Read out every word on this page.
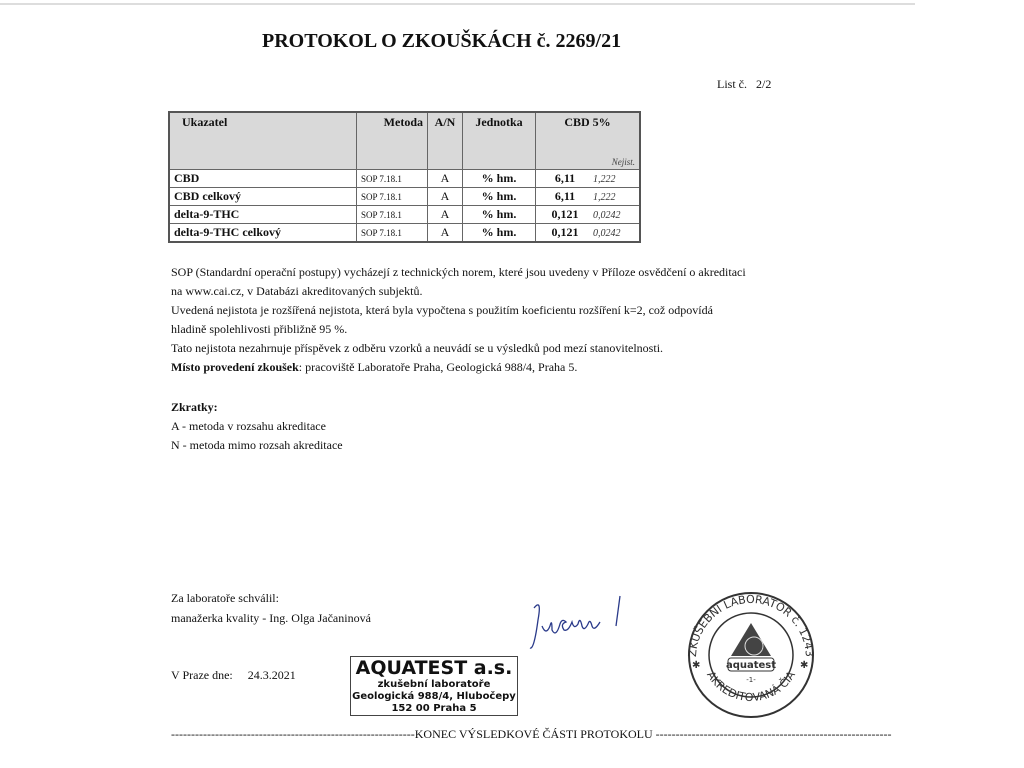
PROTOKOL O ZKOUŠKÁCH č. 2269/21
List č. 2/2
Ukazatel	Metoda	A/N	Jednotka	CBD 5%
Nejist.

CBD	SOP 7.18.1	A	% hm.	6,11 1,222
CBD celkový	SOP 7.18.1	A	% hm.	6,11 1,222
delta-9-THC	SOP 7.18.1	A	% hm.	0,121 0,0242
delta-9-THC celkový	SOP 7.18.1	A	% hm.	0,121 0,0242
SOP (Standardní operační postupy) vycházejí z technických norem, které jsou uvedeny v Příloze osvědčení o akreditaci
na www.cai.cz, v Databázi akreditovaných subjektů.
Uvedená nejistota je rozšířená nejistota, která byla vypočtena s použitím koeficientu rozšíření k=2, což odpovídá
hladině spolehlivosti přibližně 95 %.
Tato nejistota nezahrnuje příspěvek z odběru vzorků a neuvádí se u výsledků pod mezí stanovitelnosti.
Místo provedení zkoušek: pracoviště Laboratoře Praha, Geologická 988/4, Praha 5.
Zkratky:
A - metoda v rozsahu akreditace
N - metoda mimo rozsah akreditace
Za laboratoře schválil:
manažerka kvality - Ing. Olga Jačaninová
V Praze dne: 24.3.2021	AQUATEST a.s.
zkušební laboratoře
Geologická 988/4, Hlubočepy
152 00 Praha 5
ZKUŠEBNÍ LABORATOŘ č. 1243
AKREDITOVANÁ ČIA
aquatest
-1-
✱	✱
-------------------------------------------------------------KONEC VÝSLEDKOVÉ ČÁSTI PROTOKOLU -----------------------------------------------------------
